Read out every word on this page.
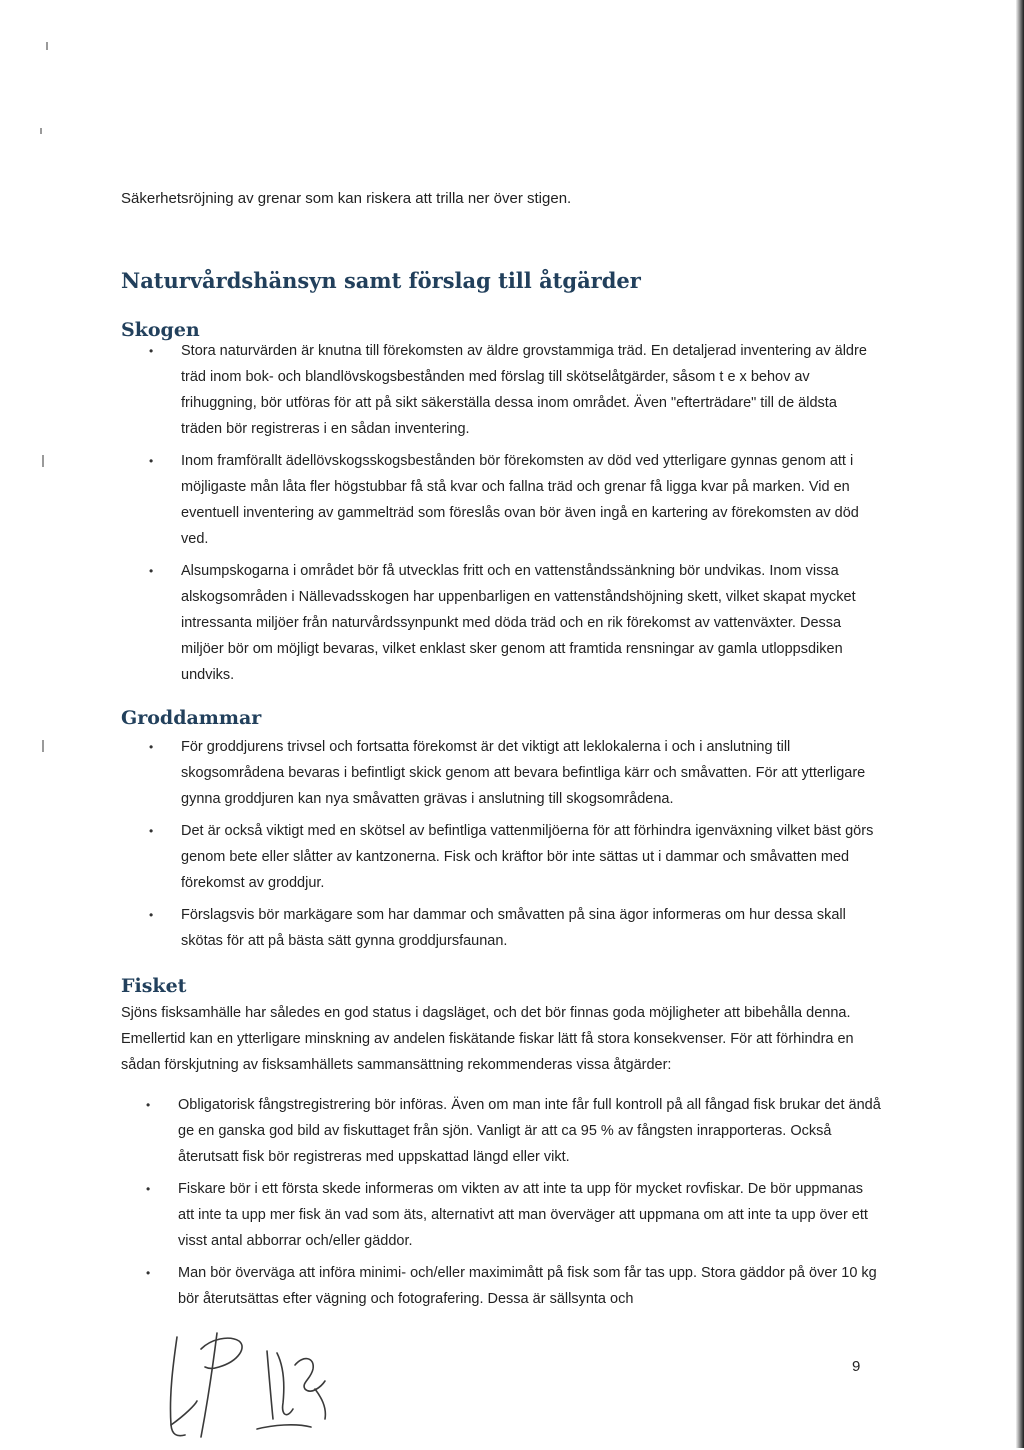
Säkerhetsröjning av grenar som kan riskera att trilla ner över stigen.

Naturvårdshänsyn samt förslag till åtgärder
Skogen
• Stora naturvärden är knutna till förekomsten av äldre grovstammiga träd. En detaljerad inventering av äldre träd inom bok- och blandlövskogsbestånden med förslag till skötselåtgärder, såsom t e x behov av frihuggning, bör utföras för att på sikt säkerställa dessa inom området. Även "efterträdare" till de äldsta träden bör registreras i en sådan inventering.
• Inom framförallt ädellövskogsskogsbestånden bör förekomsten av död ved ytterligare gynnas genom att i möjligaste mån låta fler högstubbar få stå kvar och fallna träd och grenar få ligga kvar på marken. Vid en eventuell inventering av gammelträd som föreslås ovan bör även ingå en kartering av förekomsten av död ved.
• Alsumpskogarna i området bör få utvecklas fritt och en vattenståndssänkning bör undvikas. Inom vissa alskogsområden i Nällevadsskogen har uppenbarligen en vattenståndshöjning skett, vilket skapat mycket intressanta miljöer från naturvårdssynpunkt med döda träd och en rik förekomst av vattenväxter. Dessa miljöer bör om möjligt bevaras, vilket enklast sker genom att framtida rensningar av gamla utloppsdiken undviks.
Groddammar
• För groddjurens trivsel och fortsatta förekomst är det viktigt att leklokalerna i och i anslutning till skogsområdena bevaras i befintligt skick genom att bevara befintliga kärr och småvatten. För att ytterligare gynna groddjuren kan nya småvatten grävas i anslutning till skogsområdena.
• Det är också viktigt med en skötsel av befintliga vattenmiljöerna för att förhindra igenväxning vilket bäst görs genom bete eller slåtter av kantzonerna. Fisk och kräftor bör inte sättas ut i dammar och småvatten med förekomst av groddjur.
• Förslagsvis bör markägare som har dammar och småvatten på sina ägor informeras om hur dessa skall skötas för att på bästa sätt gynna groddjursfaunan.
Fisket

Sjöns fisksamhälle har således en god status i dagsläget, och det bör finnas goda möjligheter att bibehålla denna. Emellertid kan en ytterligare minskning av andelen fiskätande fiskar lätt få stora konsekvenser. För att förhindra en sådan förskjutning av fisksamhällets sammansättning rekommenderas vissa åtgärder:

• Obligatorisk fångstregistrering bör införas. Även om man inte får full kontroll på all fångad fisk brukar det ändå ge en ganska god bild av fiskuttaget från sjön. Vanligt är att ca 95 % av fångsten inrapporteras. Också återutsatt fisk bör registreras med uppskattad längd eller vikt.
• Fiskare bör i ett första skede informeras om vikten av att inte ta upp för mycket rovfiskar. De bör uppmanas att inte ta upp mer fisk än vad som äts, alternativt att man överväger att uppmana om att inte ta upp över ett visst antal abborrar och/eller gäddor.
• Man bör överväga att införa minimi- och/eller maximimått på fisk som får tas upp. Stora gäddor på över 10 kg bör återutsättas efter vägning och fotografering. Dessa är sällsynta och
9
